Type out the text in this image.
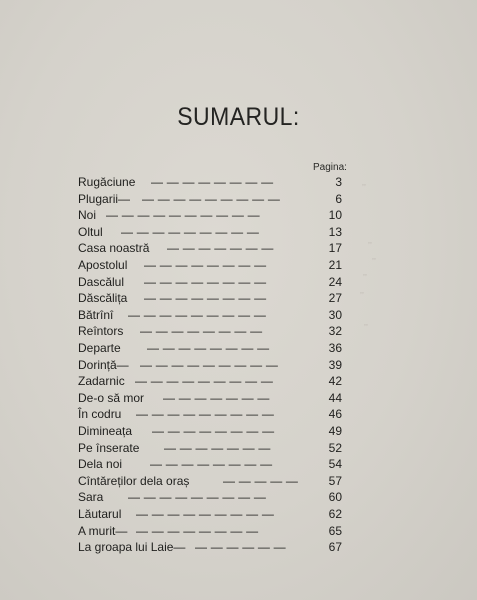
SUMARUL:
Pagina:
Rugăciune — — — — — — — —	3
Plugarii— — — — — — — — — —	6
Noi — — — — — — — — — —	10
Oltul — — — — — — — — —	13
Casa noastră — — — — — — —	17
Apostolul — — — — — — — —	21
Dascălul — — — — — — — —	24
Dăscălița — — — — — — — —	27
Bătrînî — — — — — — — — —	30
Reîntors — — — — — — — —	32
Departe — — — — — — — —	36
Dorință— — — — — — — — — —	39
Zadarnic — — — — — — — — —	42
De-o să mor — — — — — — —	44
În codru — — — — — — — — —	46
Dimineața — — — — — — — —	49
Pe înserate — — — — — — —	52
Dela noi — — — — — — — —	54
Cîntăreților dela oraș	— — — — —	57
Sara — — — — — — — — —	60
Lăutarul — — — — — — — — —	62
A murit— — — — — — — — —	65
La groapa lui Laie— — — — — — —	67
,,
,,
,,
,,
,,
,,
